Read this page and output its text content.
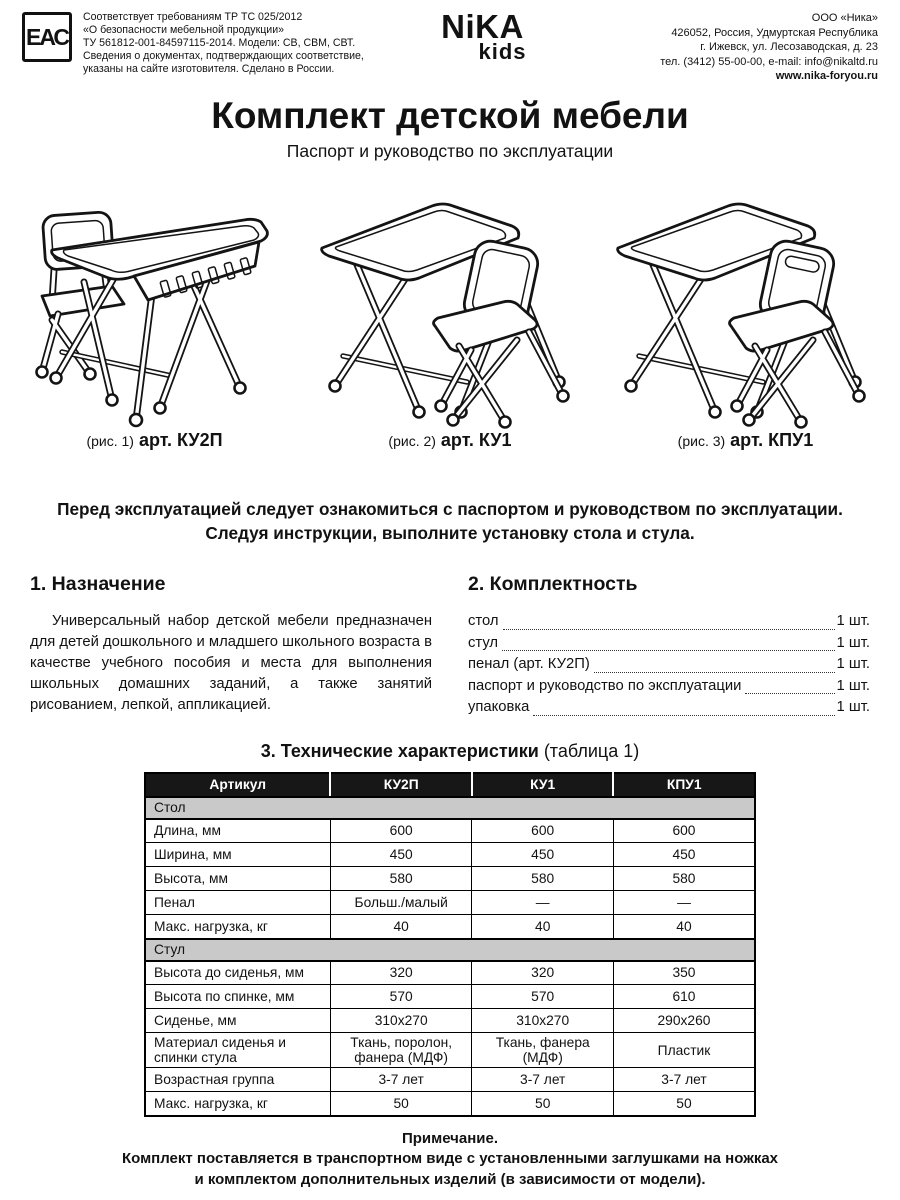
ЕАС
Соответствует требованиям ТР ТС 025/2012
«О безопасности мебельной продукции»
ТУ 561812-001-84597115-2014. Модели: СВ, СВМ, СВТ.
Сведения о документах, подтверждающих соответствие,
указаны на сайте изготовителя. Сделано в России.
NiKA
kids
ООО «Ника»
426052, Россия, Удмуртская Республика
г. Ижевск, ул. Лесозаводская, д. 23
тел. (3412) 55-00-00, e-mail: info@nikaltd.ru
www.nika-foryou.ru
Комплект детской мебели
Паспорт и руководство по эксплуатации
(рис. 1) арт. КУ2П	(рис. 2) арт. КУ1	(рис. 3) арт. КПУ1
Перед эксплуатацией следует ознакомиться с паспортом и руководством по эксплуатации.
Следуя инструкции, выполните установку стола и стула.
1. Назначение
Универсальный набор детской мебели предназначен для детей дошкольного и младшего школьного возраста в качестве учебного пособия и места для выполнения школьных домашних заданий, а также занятий рисованием, лепкой, аппликацией.
2. Комплектность
стол	1 шт.
стул	1 шт.
пенал (арт. КУ2П)	1 шт.
паспорт и руководство по эксплуатации	1 шт.
упаковка	1 шт.
3. Технические характеристики (таблица 1)
Артикул	КУ2П	КУ1	КПУ1
Стол			
Длина, мм	600	600	600
Ширина, мм	450	450	450
Высота, мм	580	580	580
Пенал	Больш./малый	—	—
Макс. нагрузка, кг	40	40	40
Стул			
Высота до сиденья, мм	320	320	350
Высота по спинке, мм	570	570	610
Сиденье, мм	310x270	310x270	290x260
Материал сиденья и спинки стула	Ткань, поролон, фанера (МДФ)	Ткань, фанера (МДФ)	Пластик
Возрастная группа	3-7 лет	3-7 лет	3-7 лет
Макс. нагрузка, кг	50	50	50
Примечание.
Комплект поставляется в транспортном виде с установленными заглушками на ножках
и комплектом дополнительных изделий (в зависимости от модели).
